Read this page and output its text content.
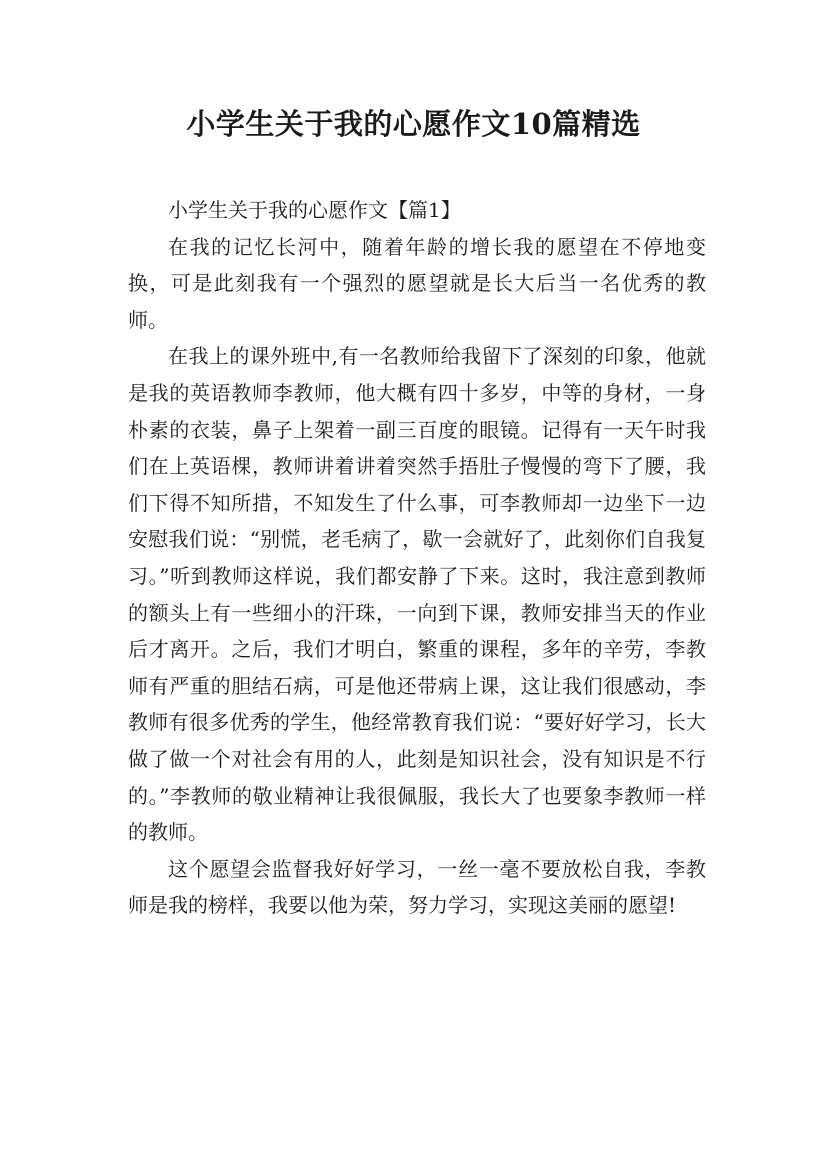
小学生关于我的心愿作文10篇精选

小学生关于我的心愿作文【篇1】

在我的记忆长河中，随着年龄的增长我的愿望在不停地变换，可是此刻我有一个强烈的愿望就是长大后当一名优秀的教师。

在我上的课外班中,有一名教师给我留下了深刻的印象，他就是我的英语教师李教师，他大概有四十多岁，中等的身材，一身朴素的衣装，鼻子上架着一副三百度的眼镜。记得有一天午时我们在上英语棵，教师讲着讲着突然手捂肚子慢慢的弯下了腰，我们下得不知所措，不知发生了什么事，可李教师却一边坐下一边安慰我们说：“别慌，老毛病了，歇一会就好了，此刻你们自我复习。”听到教师这样说，我们都安静了下来。这时，我注意到教师的额头上有一些细小的汗珠，一向到下课，教师安排当天的作业后才离开。之后，我们才明白，繁重的课程，多年的辛劳，李教师有严重的胆结石病，可是他还带病上课，这让我们很感动，李教师有很多优秀的学生，他经常教育我们说：“要好好学习，长大做了做一个对社会有用的人，此刻是知识社会，没有知识是不行的。”李教师的敬业精神让我很佩服，我长大了也要象李教师一样的教师。

这个愿望会监督我好好学习，一丝一毫不要放松自我，李教师是我的榜样，我要以他为荣，努力学习，实现这美丽的愿望!
